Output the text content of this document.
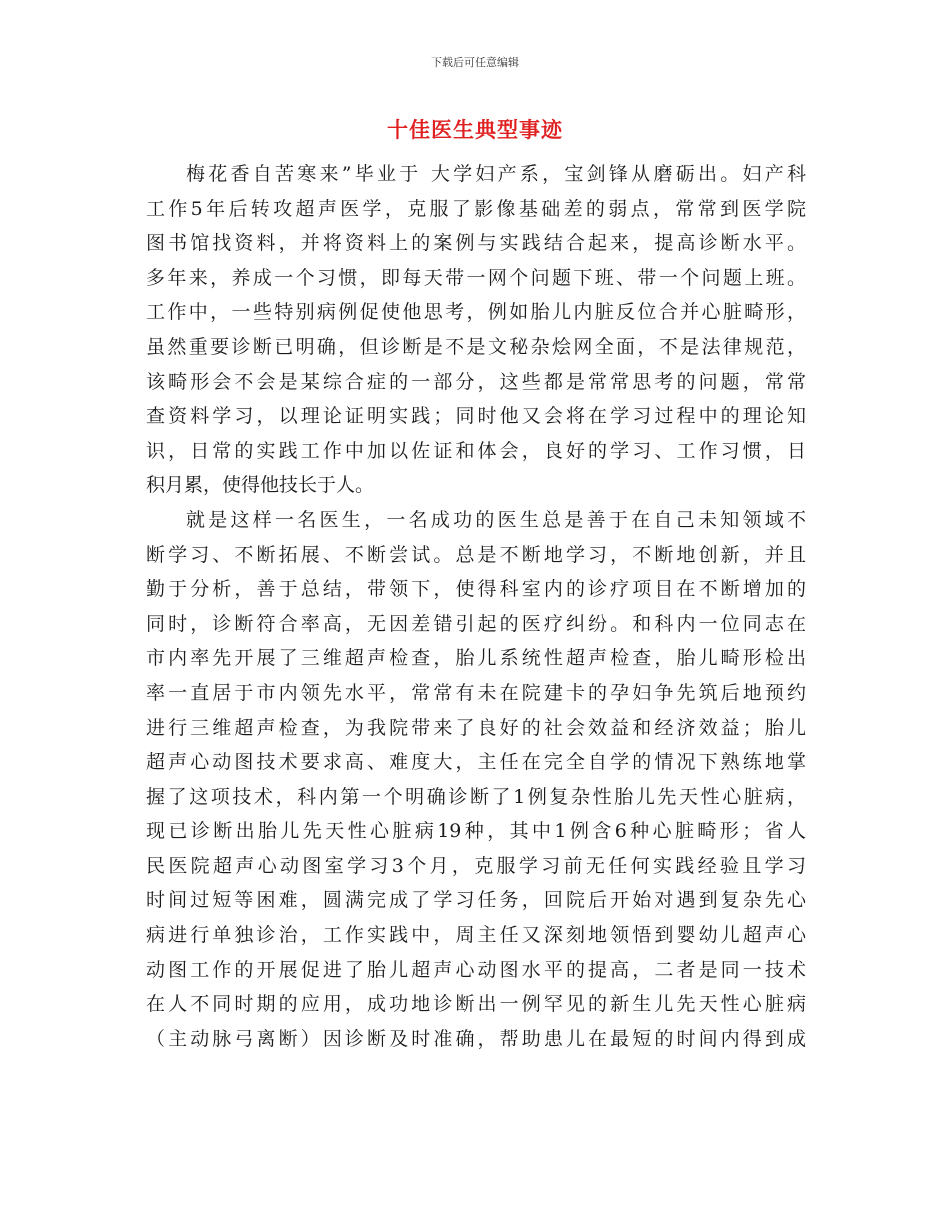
下载后可任意编辑
十佳医生典型事迹
梅花香自苦寒来”毕业于 大学妇产系，宝剑锋从磨砺出。妇产科
工作5年后转攻超声医学，克服了影像基础差的弱点，常常到医学院
图书馆找资料，并将资料上的案例与实践结合起来，提高诊断水平。
多年来，养成一个习惯，即每天带一网个问题下班、带一个问题上班。
工作中，一些特别病例促使他思考，例如胎儿内脏反位合并心脏畸形，
虽然重要诊断已明确，但诊断是不是文秘杂烩网全面，不是法律规范，
该畸形会不会是某综合症的一部分，这些都是常常思考的问题，常常
查资料学习，以理论证明实践；同时他又会将在学习过程中的理论知
识，日常的实践工作中加以佐证和体会，良好的学习、工作习惯，日
积月累，使得他技长于人。
就是这样一名医生，一名成功的医生总是善于在自己未知领域不
断学习、不断拓展、不断尝试。总是不断地学习，不断地创新，并且
勤于分析，善于总结，带领下，使得科室内的诊疗项目在不断增加的
同时，诊断符合率高，无因差错引起的医疗纠纷。和科内一位同志在
市内率先开展了三维超声检查，胎儿系统性超声检查，胎儿畸形检出
率一直居于市内领先水平，常常有未在院建卡的孕妇争先筑后地预约
进行三维超声检查，为我院带来了良好的社会效益和经济效益；胎儿
超声心动图技术要求高、难度大，主任在完全自学的情况下熟练地掌
握了这项技术，科内第一个明确诊断了1例复杂性胎儿先天性心脏病，
现已诊断出胎儿先天性心脏病19种，其中1例含6种心脏畸形；省人
民医院超声心动图室学习3个月，克服学习前无任何实践经验且学习
时间过短等困难，圆满完成了学习任务，回院后开始对遇到复杂先心
病进行单独诊治，工作实践中，周主任又深刻地领悟到婴幼儿超声心
动图工作的开展促进了胎儿超声心动图水平的提高，二者是同一技术
在人不同时期的应用，成功地诊断出一例罕见的新生儿先天性心脏病
（主动脉弓离断）因诊断及时准确，帮助患儿在最短的时间内得到成
